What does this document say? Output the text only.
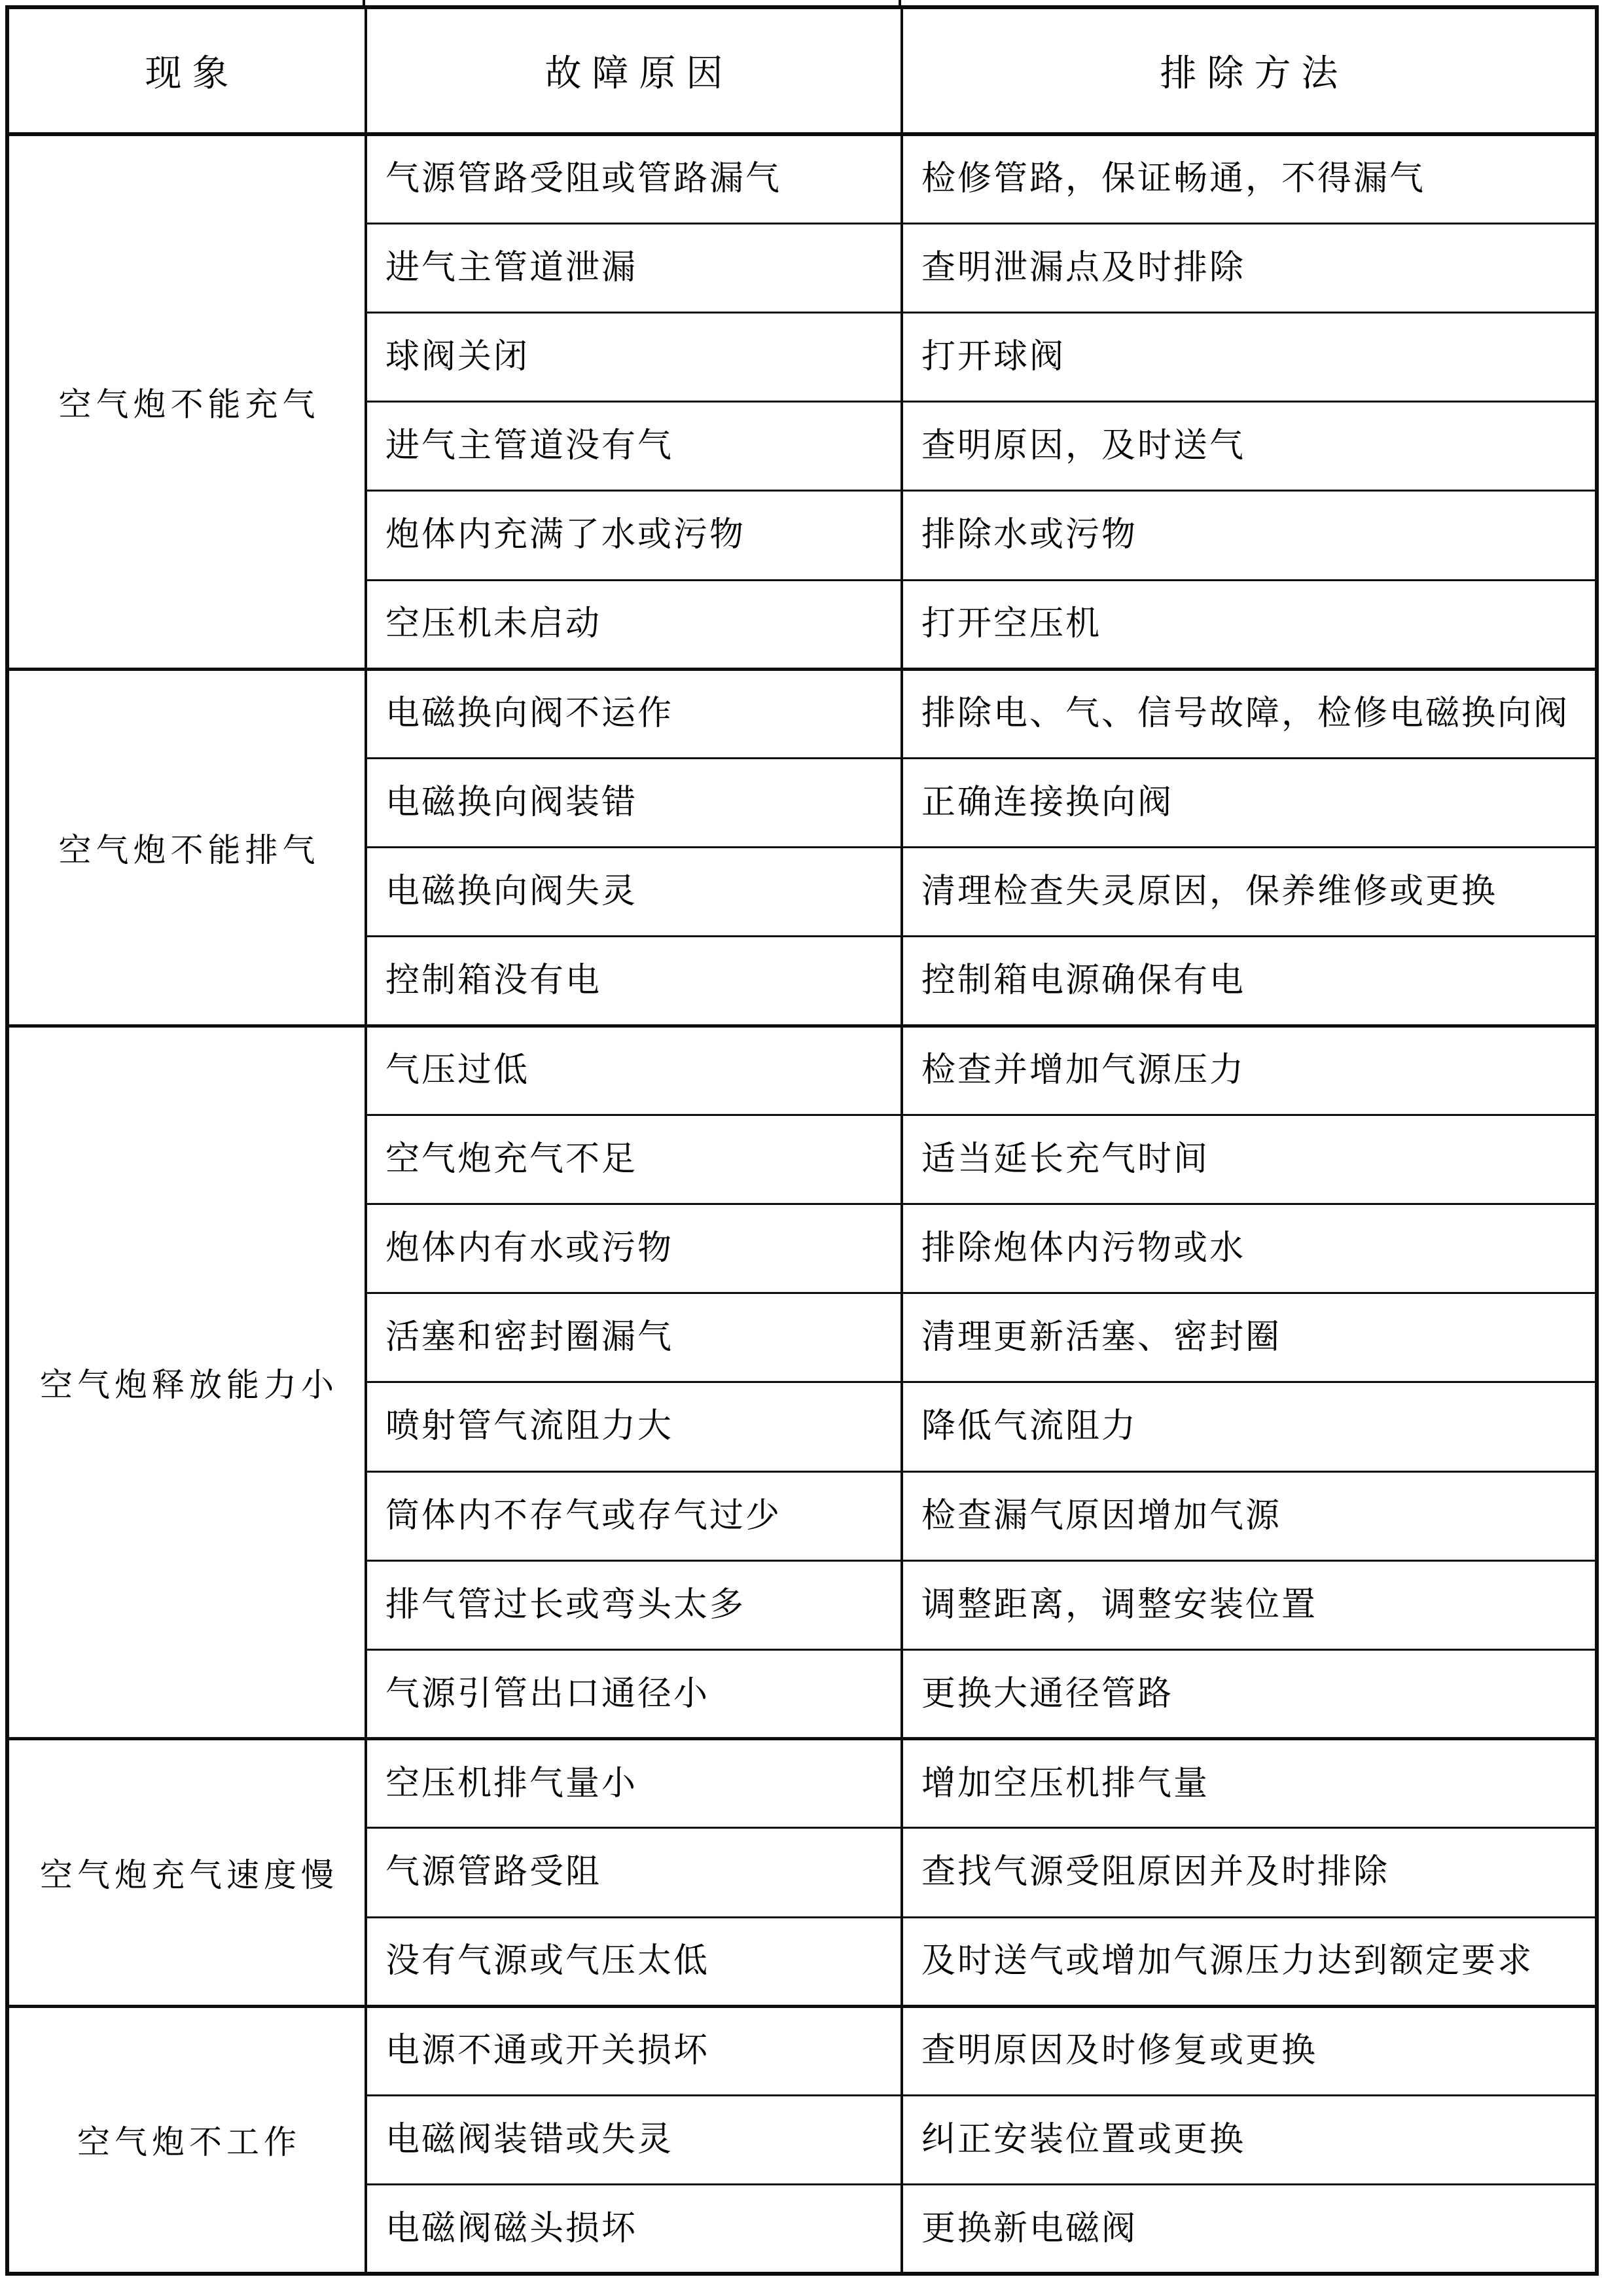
现象	故障原因	排除方法
空气炮不能充气	气源管路受阻或管路漏气	检修管路，保证畅通，不得漏气
	进气主管道泄漏	查明泄漏点及时排除
	球阀关闭	打开球阀
	进气主管道没有气	查明原因，及时送气
	炮体内充满了水或污物	排除水或污物
	空压机未启动	打开空压机
空气炮不能排气	电磁换向阀不运作	排除电、气、信号故障，检修电磁换向阀
	电磁换向阀装错	正确连接换向阀
	电磁换向阀失灵	清理检查失灵原因，保养维修或更换
	控制箱没有电	控制箱电源确保有电
空气炮释放能力小	气压过低	检查并增加气源压力
	空气炮充气不足	适当延长充气时间
	炮体内有水或污物	排除炮体内污物或水
	活塞和密封圈漏气	清理更新活塞、密封圈
	喷射管气流阻力大	降低气流阻力
	筒体内不存气或存气过少	检查漏气原因增加气源
	排气管过长或弯头太多	调整距离，调整安装位置
	气源引管出口通径小	更换大通径管路
空气炮充气速度慢	空压机排气量小	增加空压机排气量
	气源管路受阻	查找气源受阻原因并及时排除
	没有气源或气压太低	及时送气或增加气源压力达到额定要求
空气炮不工作	电源不通或开关损坏	查明原因及时修复或更换
	电磁阀装错或失灵	纠正安装位置或更换
	电磁阀磁头损坏	更换新电磁阀
